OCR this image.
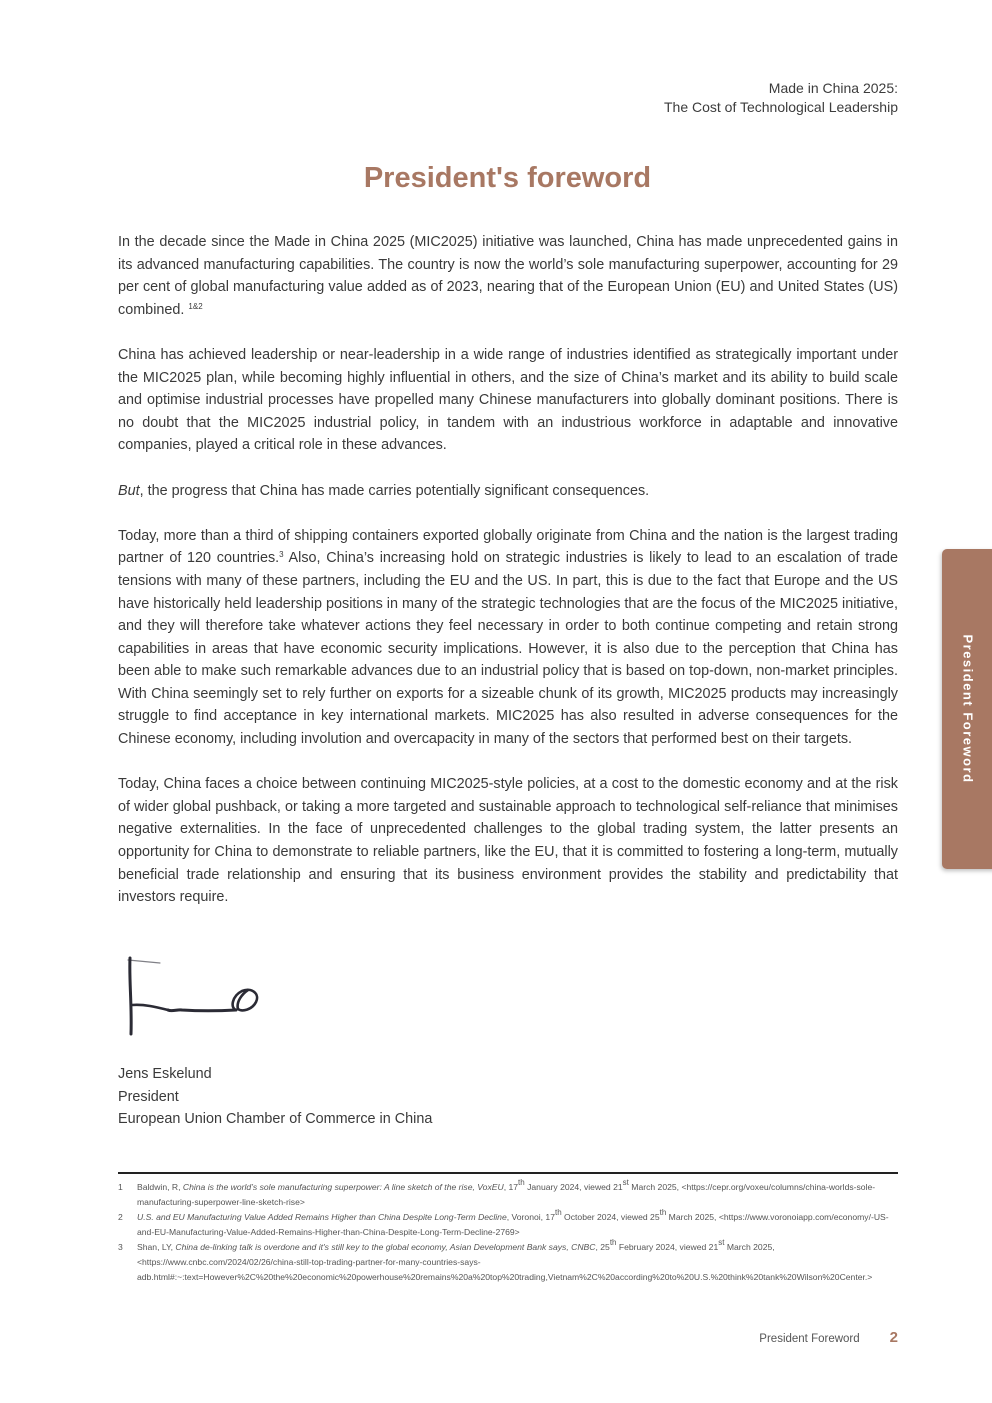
Made in China 2025:
The Cost of Technological Leadership
President's foreword

In the decade since the Made in China 2025 (MIC2025) initiative was launched, China has made unprecedented gains in its advanced manufacturing capabilities. The country is now the world’s sole manufacturing superpower, accounting for 29 per cent of global manufacturing value added as of 2023, nearing that of the European Union (EU) and United States (US) combined. $^{1\&2}$

China has achieved leadership or near-leadership in a wide range of industries identified as strategically important under the MIC2025 plan, while becoming highly influential in others, and the size of China’s market and its ability to build scale and optimise industrial processes have propelled many Chinese manufacturers into globally dominant positions. There is no doubt that the MIC2025 industrial policy, in tandem with an industrious workforce in adaptable and innovative companies, played a critical role in these advances.

But, the progress that China has made carries potentially significant consequences.

Today, more than a third of shipping containers exported globally originate from China and the nation is the largest trading partner of 120 countries.$^3$ Also, China’s increasing hold on strategic industries is likely to lead to an escalation of trade tensions with many of these partners, including the EU and the US. In part, this is due to the fact that Europe and the US have historically held leadership positions in many of the strategic technologies that are the focus of the MIC2025 initiative, and they will therefore take whatever actions they feel necessary in order to both continue competing and retain strong capabilities in areas that have economic security implications. However, it is also due to the perception that China has been able to make such remarkable advances due to an industrial policy that is based on top-down, non-market principles. With China seemingly set to rely further on exports for a sizeable chunk of its growth, MIC2025 products may increasingly struggle to find acceptance in key international markets. MIC2025 has also resulted in adverse consequences for the Chinese economy, including involution and overcapacity in many of the sectors that performed best on their targets.

Today, China faces a choice between continuing MIC2025-style policies, at a cost to the domestic economy and at the risk of wider global pushback, or taking a more targeted and sustainable approach to technological self-reliance that minimises negative externalities. In the face of unprecedented challenges to the global trading system, the latter presents an opportunity for China to demonstrate to reliable partners, like the EU, that it is committed to fostering a long-term, mutually beneficial trade relationship and ensuring that its business environment provides the stability and predictability that investors require.

Jens Eskelund
President
European Union Chamber of Commerce in China
1	Baldwin, R, China is the world’s sole manufacturing superpower: A line sketch of the rise, VoxEU, 17th January 2024, viewed 21st March 2025, <https://cepr.org/voxeu/columns/china-worlds-sole-manufacturing-superpower-line-sketch-rise>
2	U.S. and EU Manufacturing Value Added Remains Higher than China Despite Long-Term Decline, Voronoi, 17th October 2024, viewed 25th March 2025, <https://www.voronoiapp.com/economy/-US-and-EU-Manufacturing-Value-Added-Remains-Higher-than-China-Despite-Long-Term-Decline-2769>
3	Shan, LY, China de-linking talk is overdone and it's still key to the global economy, Asian Development Bank says, CNBC, 25th February 2024, viewed 21st March 2025, <https://www.cnbc.com/2024/02/26/china-still-top-trading-partner-for-many-countries-says-adb.html#:~:text=However%2C%20the%20economic%20powerhouse%20remains%20a%20top%20trading,Vietnam%2C%20according%20to%20U.S.%20think%20tank%20Wilson%20Center.>
President Foreword
President Foreword 2
